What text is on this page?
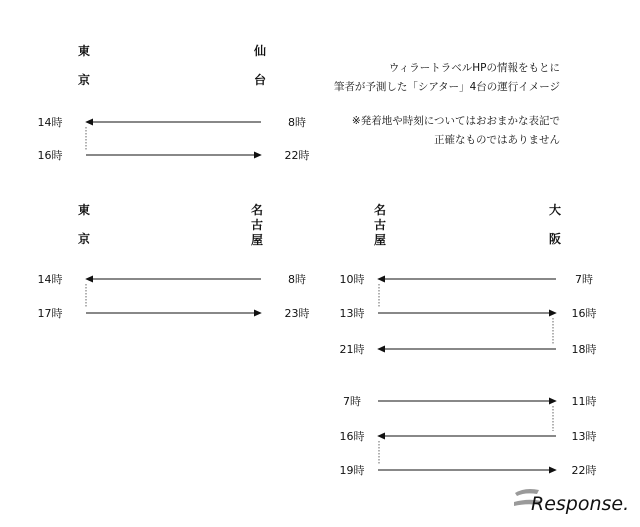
ウィラートラベルHPの情報をもとに
筆者が予測した「シアター」4台の運行イメージ
※発着地や時刻についてはおおまかな表記で
正確なものではありません
Response.
東京
仙台
14時	8時
16時	22時
東京
名古屋
14時	8時
17時	23時
名古屋
大阪
10時	7時
13時	16時
21時	18時
7時	11時
16時	13時
19時	22時
